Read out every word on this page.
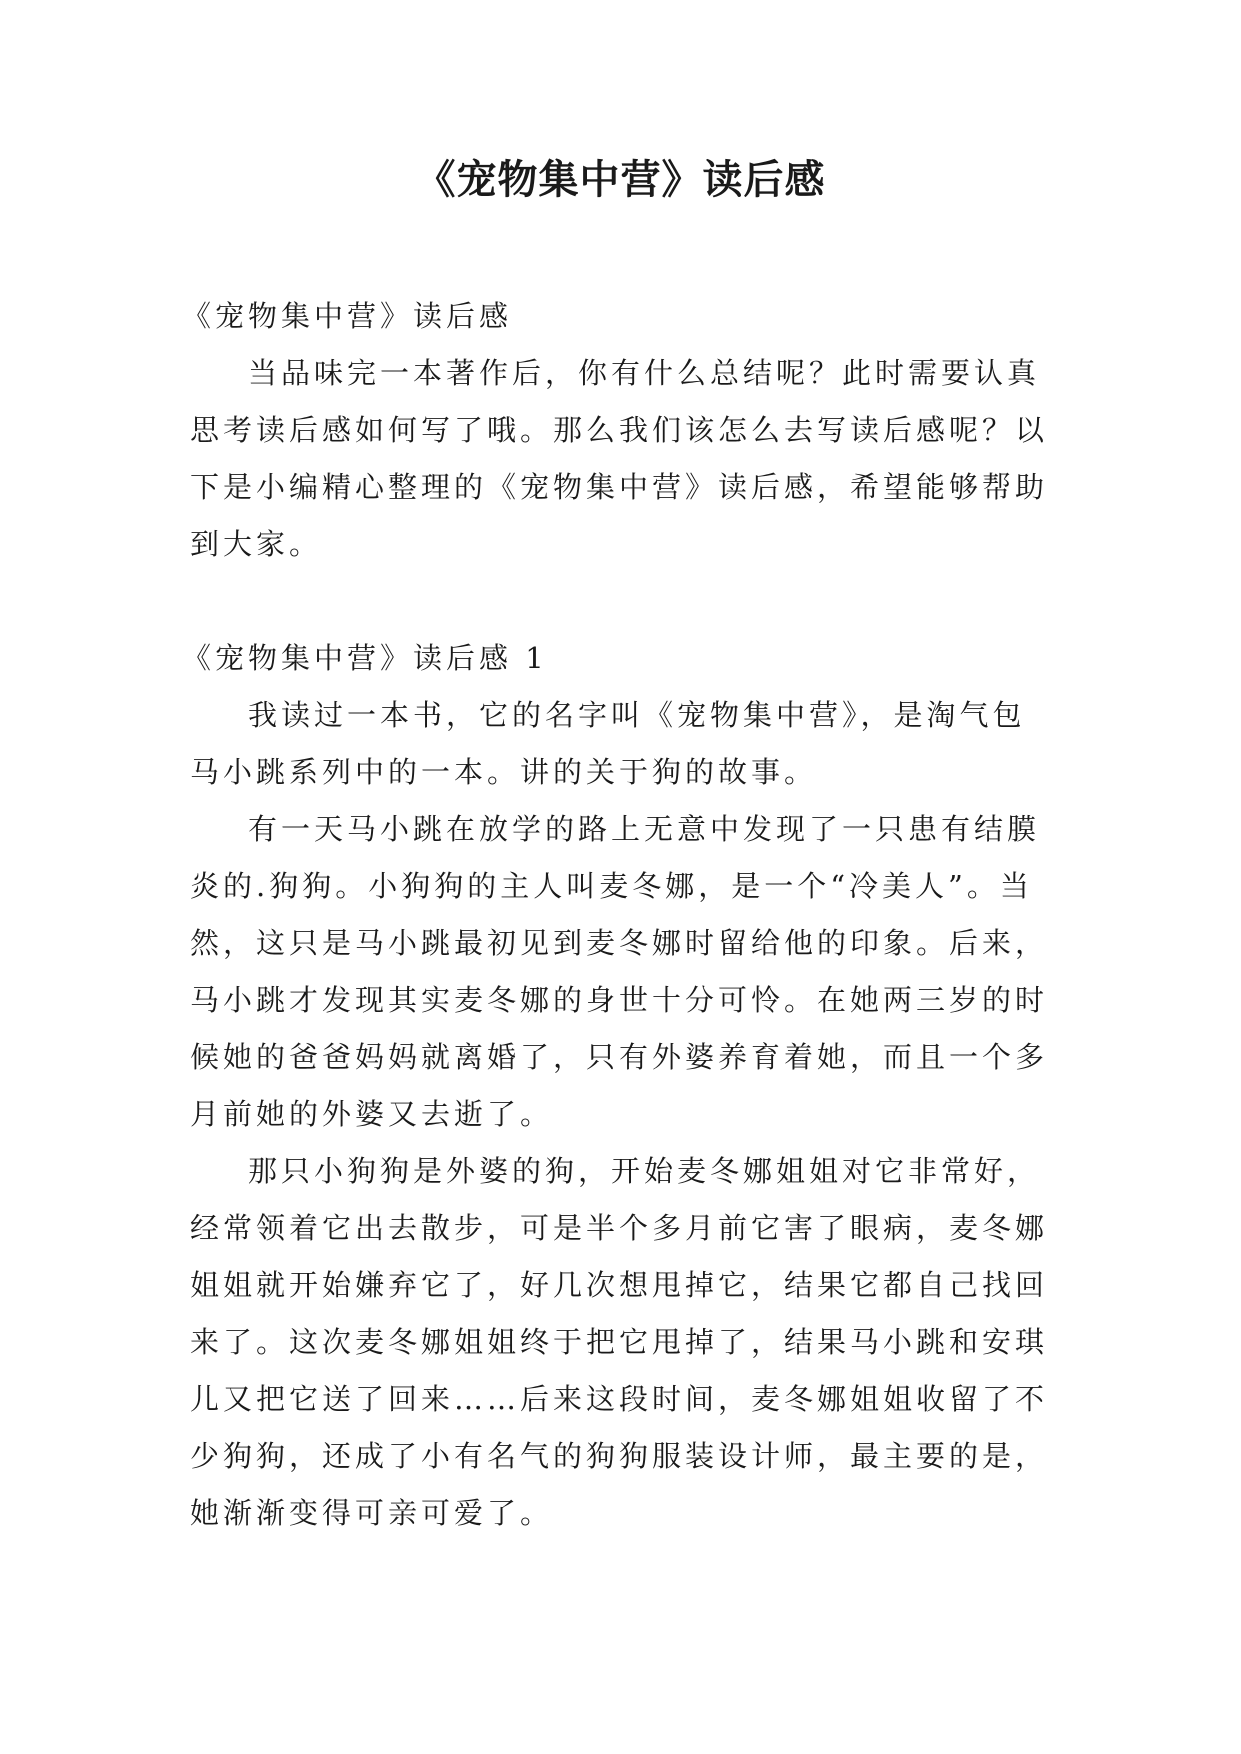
《宠物集中营》读后感

《宠物集中营》读后感

当品味完一本著作后，你有什么总结呢？此时需要认真思考读后感如何写了哦。那么我们该怎么去写读后感呢？以下是小编精心整理的《宠物集中营》读后感，希望能够帮助到大家。

《宠物集中营》读后感 1

我读过一本书，它的名字叫《宠物集中营》，是淘气包马小跳系列中的一本。讲的关于狗的故事。

有一天马小跳在放学的路上无意中发现了一只患有结膜炎的.狗狗。小狗狗的主人叫麦冬娜，是一个“冷美人”。当然，这只是马小跳最初见到麦冬娜时留给他的印象。后来，马小跳才发现其实麦冬娜的身世十分可怜。在她两三岁的时候她的爸爸妈妈就离婚了，只有外婆养育着她，而且一个多月前她的外婆又去逝了。

那只小狗狗是外婆的狗，开始麦冬娜姐姐对它非常好，经常领着它出去散步，可是半个多月前它害了眼病，麦冬娜姐姐就开始嫌弃它了，好几次想甩掉它，结果它都自己找回来了。这次麦冬娜姐姐终于把它甩掉了，结果马小跳和安琪儿又把它送了回来……后来这段时间，麦冬娜姐姐收留了不少狗狗，还成了小有名气的狗狗服装设计师，最主要的是，她渐渐变得可亲可爱了。
